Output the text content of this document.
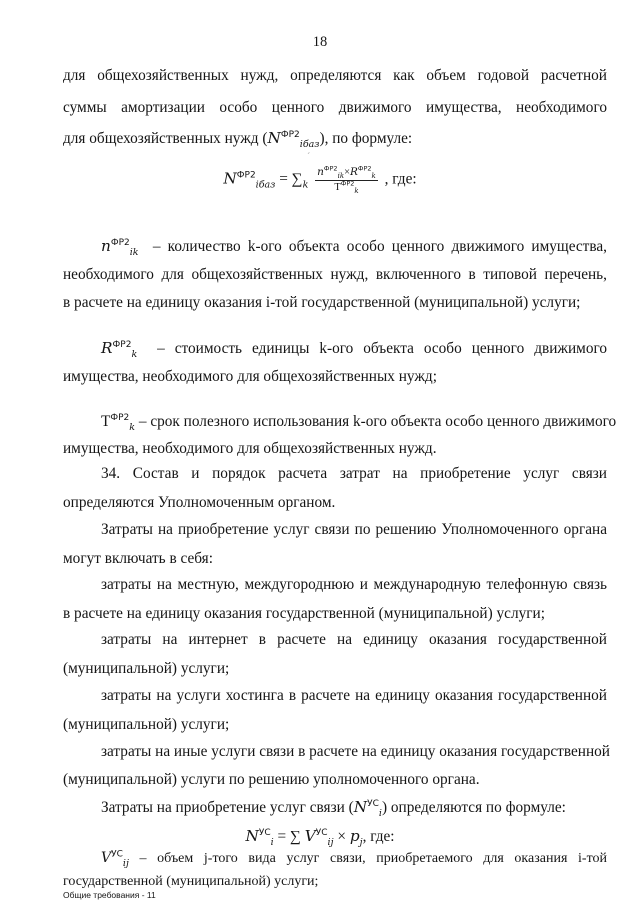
18
для общехозяйственных нужд, определяются как объем годовой расчетной
суммы амортизации особо ценного движимого имущества, необходимого
для общехозяйственных нужд $(N^{ФР2}_{iбаз})$, по формуле:
$N^{ФР2}_{iбаз} = \sum_k \frac{n^{ФР2}_{ik}\times R^{ФР2}_k}{Т^{ФР2}_k}$ , где:
ˊ
$n^{ФР2}_{ik}$ – количество k-ого объекта особо ценного движимого имущества,
необходимого для общехозяйственных нужд, включенного в типовой перечень,
в расчете на единицу оказания i-той государственной (муниципальной) услуги;
$R^{ФР2}_k$ – стоимость единицы k-ого объекта особо ценного движимого
имущества, необходимого для общехозяйственных нужд;
$Т^{ФР2}_k$ – срок полезного использования k-ого объекта особо ценного движимого
имущества, необходимого для общехозяйственных нужд.
34. Состав и порядок расчета затрат на приобретение услуг связи
определяются Уполномоченным органом.
Затраты на приобретение услуг связи по решению Уполномоченного органа
могут включать в себя:
затраты на местную, междугороднюю и международную телефонную связь
в расчете на единицу оказания государственной (муниципальной) услуги;
затраты на интернет в расчете на единицу оказания государственной
(муниципальной) услуги;
затраты на услуги хостинга в расчете на единицу оказания государственной
(муниципальной) услуги;
затраты на иные услуги связи в расчете на единицу оказания государственной
(муниципальной) услуги по решению уполномоченного органа.
Затраты на приобретение услуг связи $(N^{УС}_i)$ определяются по формуле:
$N^{УС}_i$ = ∑ $V^{УС}_{ij} \times p_j$, где:
$V^{УС}_{ij}$ – объем j-того вида услуг связи, приобретаемого для оказания i-той
государственной (муниципальной) услуги;
Общие требования - 11
